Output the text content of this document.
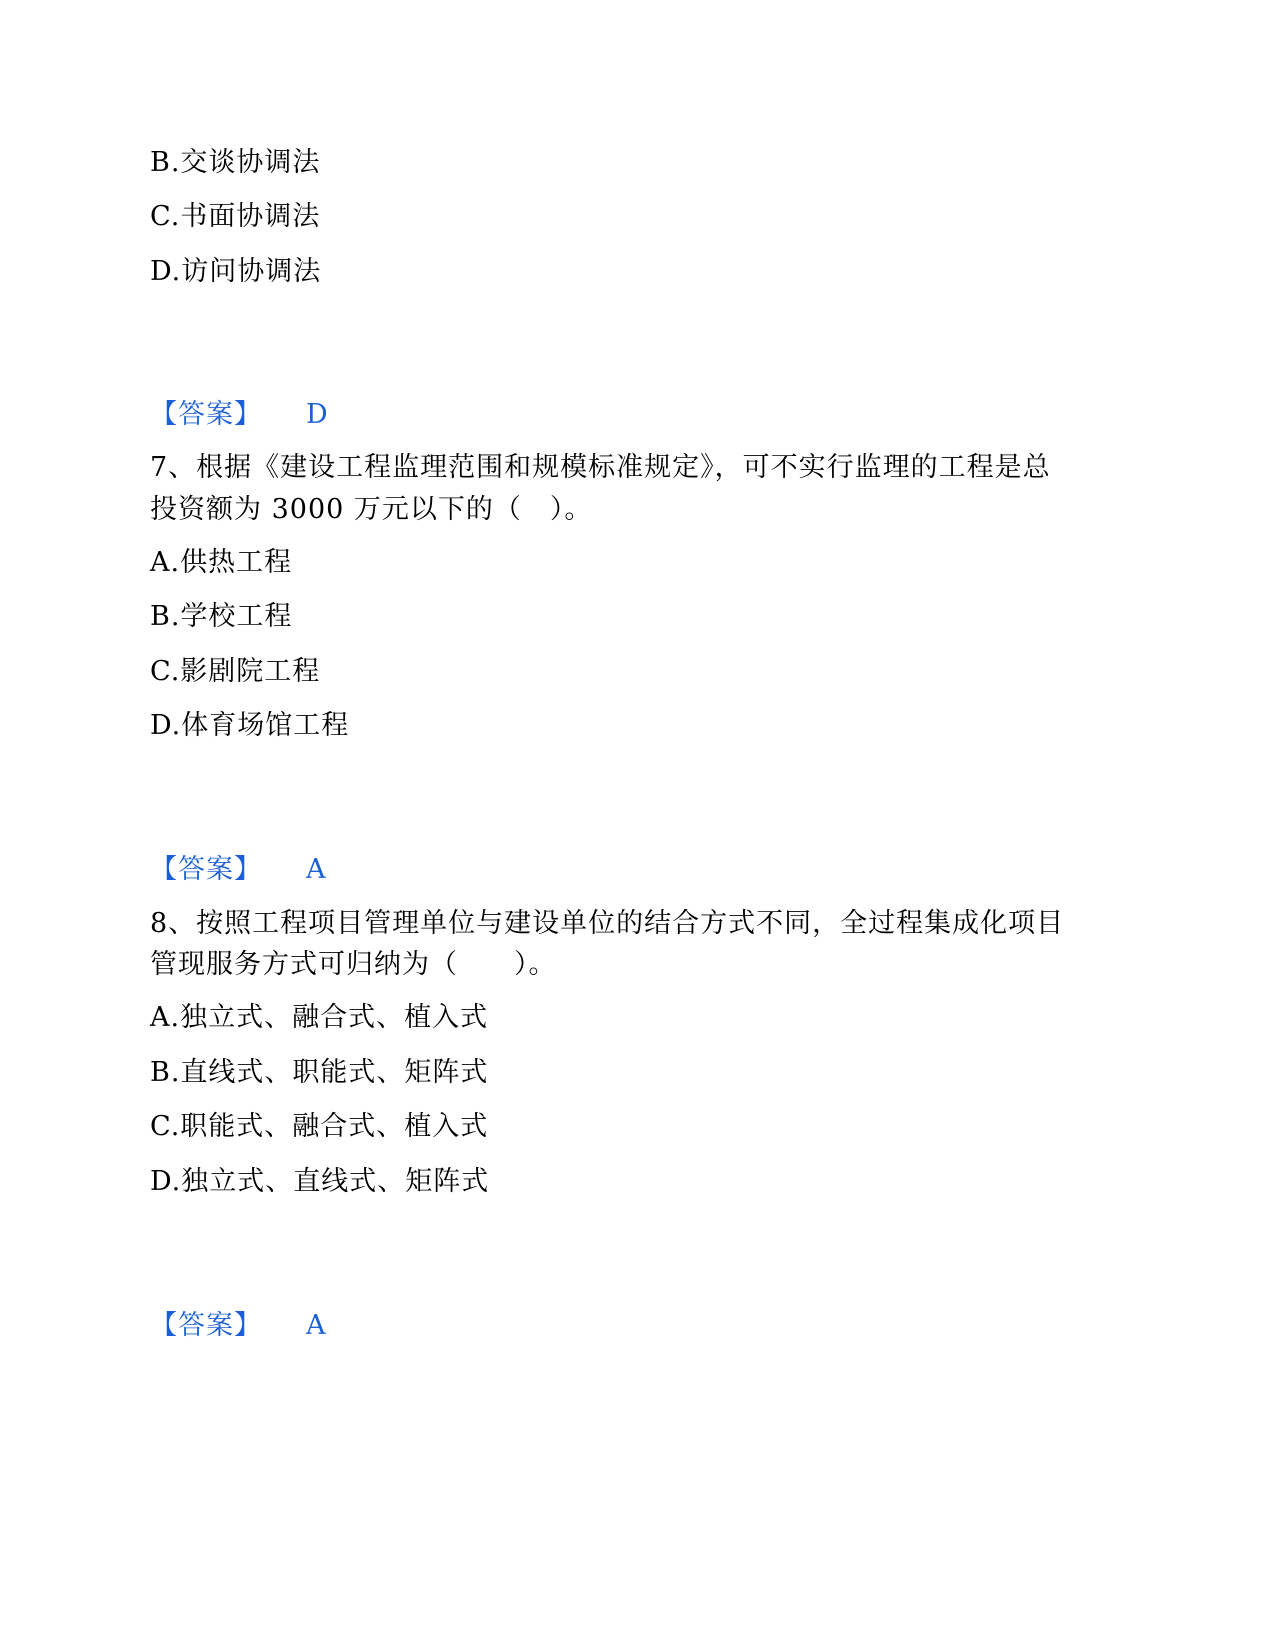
B.交谈协调法
C.书面协调法
D.访问协调法
【答案】 D
7、根据《建设工程监理范围和规模标准规定》，可不实行监理的工程是总
投资额为 3000 万元以下的（　）。
A.供热工程
B.学校工程
C.影剧院工程
D.体育场馆工程
【答案】 A
8、按照工程项目管理单位与建设单位的结合方式不同，全过程集成化项目
管现服务方式可归纳为（　　）。
A.独立式、融合式、植入式
B.直线式、职能式、矩阵式
C.职能式、融合式、植入式
D.独立式、直线式、矩阵式
【答案】 A
